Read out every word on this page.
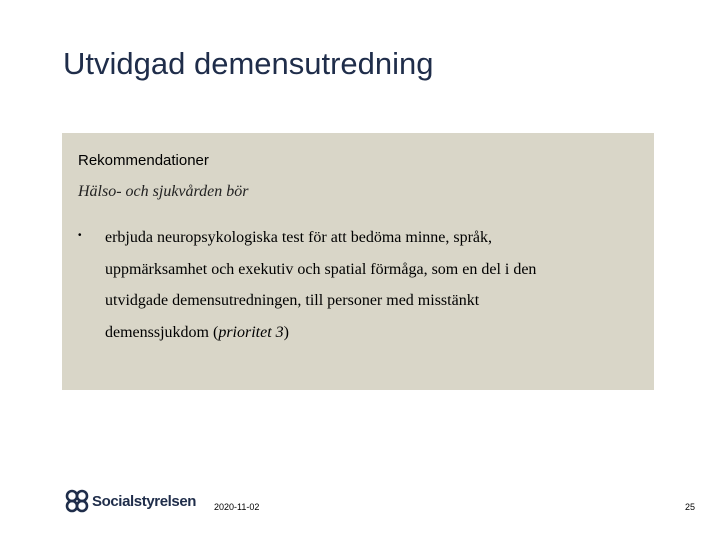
Utvidgad demensutredning
Rekommendationer
Hälso- och sjukvården bör
• erbjuda neuropsykologiska test för att bedöma minne, språk,
uppmärksamhet och exekutiv och spatial förmåga, som en del i den
utvidgade demensutredningen, till personer med misstänkt
demenssjukdom (prioritet 3)
Socialstyrelsen 2020-11-02	25
